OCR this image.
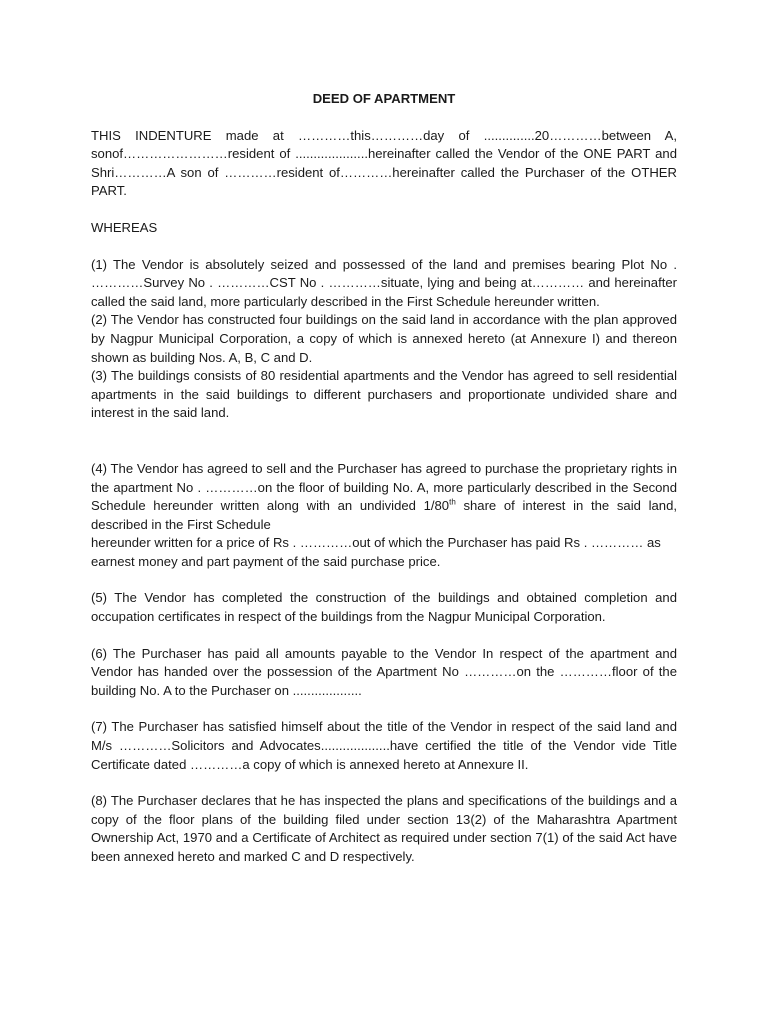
DEED OF APARTMENT

THIS INDENTURE made at …………this…………day of ..............20…………between A, sonof……………………resident of ....................hereinafter called the Vendor of the ONE PART and Shri…………A son of …………resident of…………hereinafter called the Purchaser of the OTHER PART.

WHEREAS

(1) The Vendor is absolutely seized and possessed of the land and premises bearing Plot No . …………Survey No . …………CST No . …………situate, lying and being at………… and hereinafter called the said land, more particularly described in the First Schedule hereunder written.

(2) The Vendor has constructed four buildings on the said land in accordance with the plan approved by Nagpur Municipal Corporation, a copy of which is annexed hereto (at Annexure I) and thereon shown as building Nos. A, B, C and D.

(3) The buildings consists of 80 residential apartments and the Vendor has agreed to sell residential apartments in the said buildings to different purchasers and proportionate undivided share and interest in the said land.

(4) The Vendor has agreed to sell and the Purchaser has agreed to purchase the proprietary rights in the apartment No . …………on the floor of building No. A, more particularly described in the Second Schedule hereunder written along with an undivided 1/80th share of interest in the said land, described in the First Schedule

hereunder written for a price of Rs . …………out of which the Purchaser has paid Rs . ………… as earnest money and part payment of the said purchase price.

(5) The Vendor has completed the construction of the buildings and obtained completion and occupation certificates in respect of the buildings from the Nagpur Municipal Corporation.

(6) The Purchaser has paid all amounts payable to the Vendor In respect of the apartment and Vendor has handed over the possession of the Apartment No …………on the …………floor of the building No. A to the Purchaser on ...................

(7) The Purchaser has satisfied himself about the title of the Vendor in respect of the said land and M/s …………Solicitors and Advocates...................have certified the title of the Vendor vide Title Certificate dated …………a copy of which is annexed hereto at Annexure II.

(8) The Purchaser declares that he has inspected the plans and specifications of the buildings and a copy of the floor plans of the building filed under section 13(2) of the Maharashtra Apartment Ownership Act, 1970 and a Certificate of Architect as required under section 7(1) of the said Act have been annexed hereto and marked C and D respectively.
